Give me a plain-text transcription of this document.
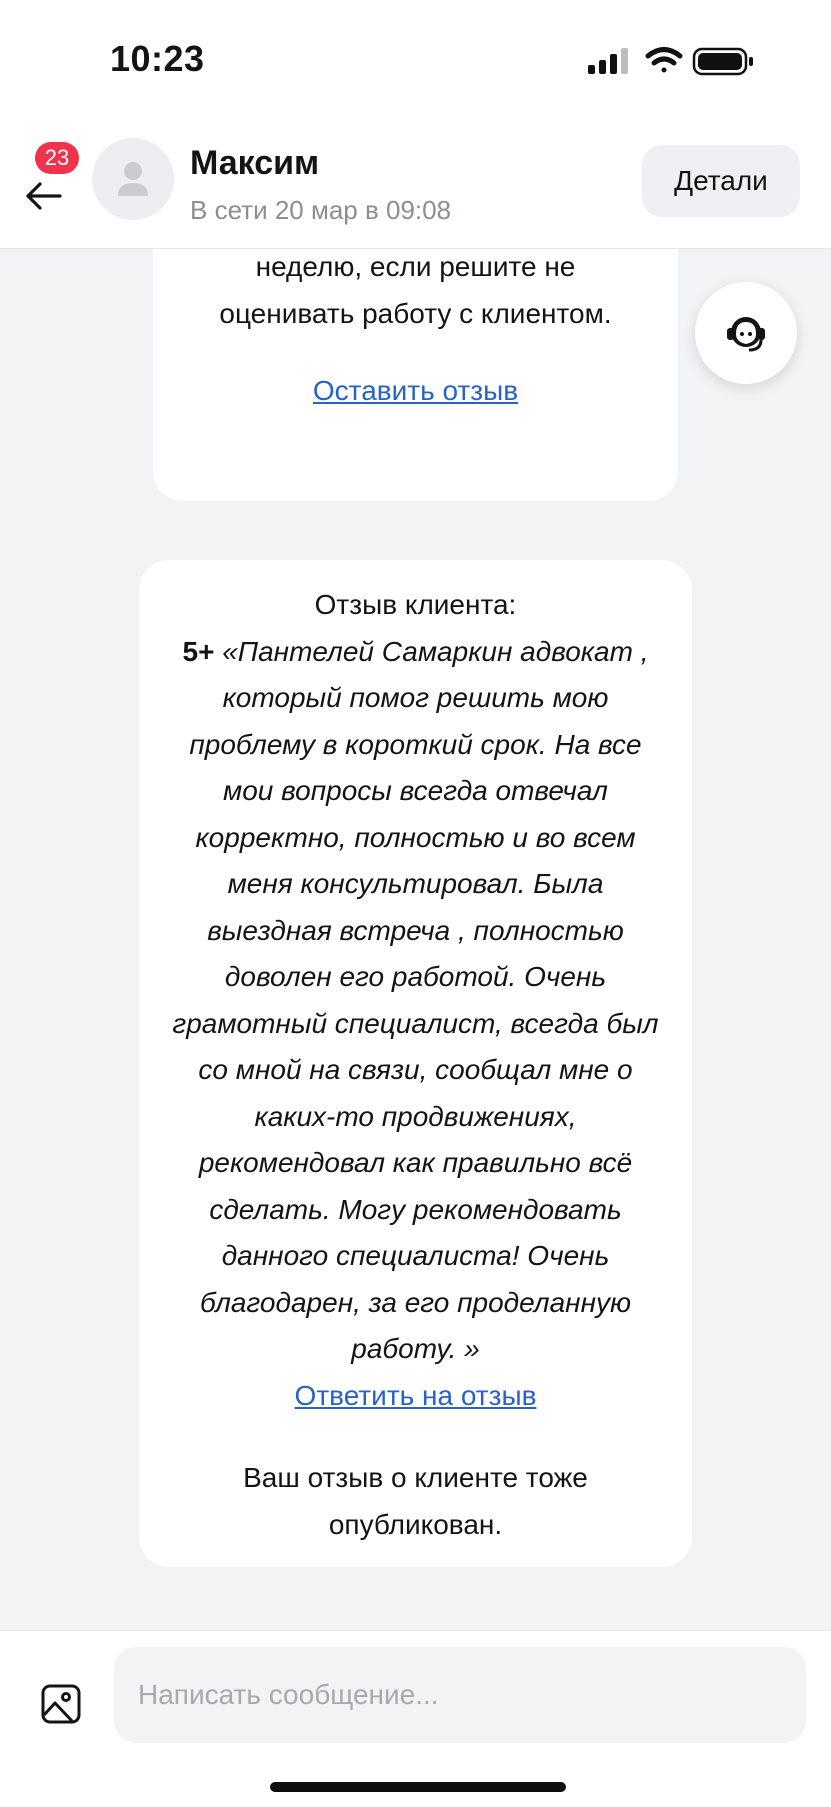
10:23
23	Максим
В сети 20 мар в 09:08
Детали
неделю, если решите не
оценивать работу с клиентом.
Оставить отзыв
Отзыв клиента:
5+ «Пантелей Самаркин адвокат , который помог решить мою проблему в короткий срок. На все мои вопросы всегда отвечал корректно, полностью и во всем меня консультировал. Была выездная встреча , полностью доволен его работой. Очень грамотный специалист, всегда был со мной на связи, сообщал мне о каких-то продвижениях, рекомендовал как правильно всё сделать. Могу рекомендовать данного специалиста! Очень благодарен, за его проделанную работу. »
Ответить на отзыв
Ваш отзыв о клиенте тоже опубликован.
Написать сообщение...
